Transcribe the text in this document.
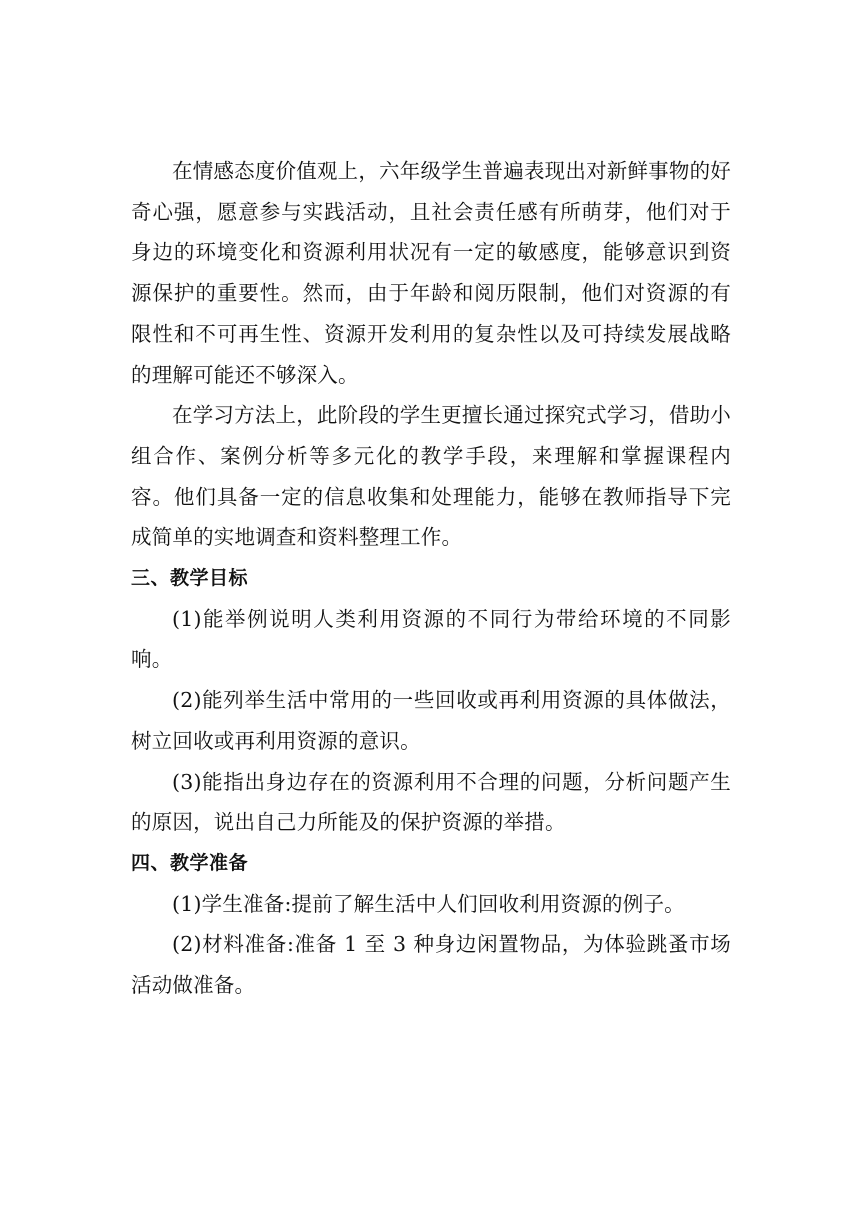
在情感态度价值观上，六年级学生普遍表现出对新鲜事物的好奇心强，愿意参与实践活动，且社会责任感有所萌芽，他们对于身边的环境变化和资源利用状况有一定的敏感度，能够意识到资源保护的重要性。然而，由于年龄和阅历限制，他们对资源的有限性和不可再生性、资源开发利用的复杂性以及可持续发展战略的理解可能还不够深入。

在学习方法上，此阶段的学生更擅长通过探究式学习，借助小组合作、案例分析等多元化的教学手段，来理解和掌握课程内容。他们具备一定的信息收集和处理能力，能够在教师指导下完成简单的实地调查和资料整理工作。

三、教学目标

(1)能举例说明人类利用资源的不同行为带给环境的不同影响。

(2)能列举生活中常用的一些回收或再利用资源的具体做法，树立回收或再利用资源的意识。

(3)能指出身边存在的资源利用不合理的问题，分析问题产生的原因，说出自己力所能及的保护资源的举措。

四、教学准备

(1)学生准备:提前了解生活中人们回收利用资源的例子。

(2)材料准备:准备 1 至 3 种身边闲置物品，为体验跳蚤市场活动做准备。
